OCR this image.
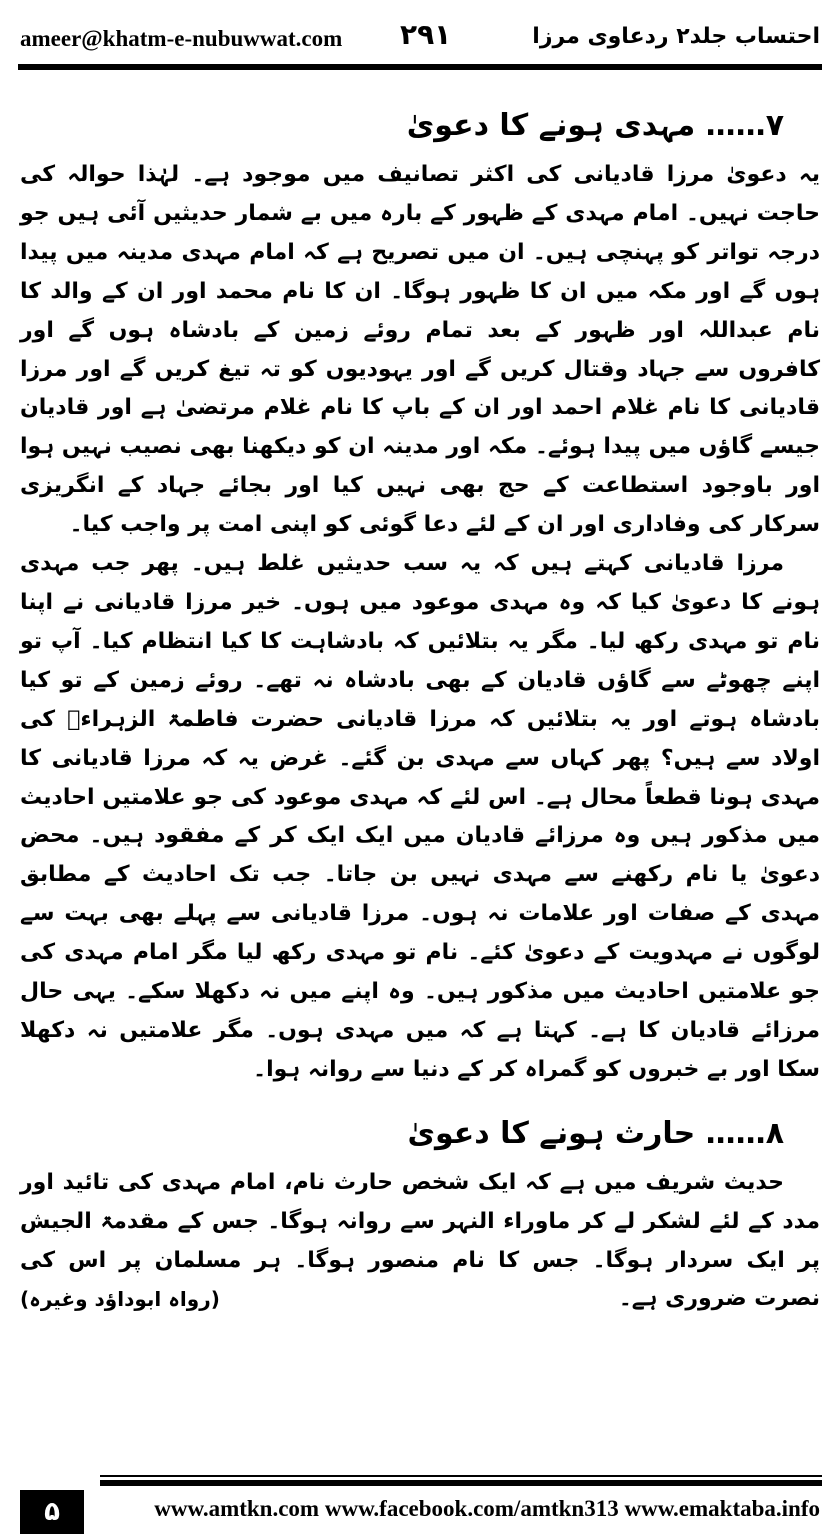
ameer@khatm-e-nubuwwat.com ۲۹۱	احتساب جلد۲ ردعاوی مرزا

۷…… مہدی ہونے کا دعویٰ

یہ دعویٰ مرزا قادیانی کی اکثر تصانیف میں موجود ہے۔ لہٰذا حوالہ کی حاجت نہیں۔ امام مہدی کے ظہور کے بارہ میں بے شمار حدیثیں آئی ہیں جو درجہ تواتر کو پہنچی ہیں۔ ان میں تصریح ہے کہ امام مہدی مدینہ میں پیدا ہوں گے اور مکہ میں ان کا ظہور ہوگا۔ ان کا نام محمد اور ان کے والد کا نام عبداللہ اور ظہور کے بعد تمام روئے زمین کے بادشاہ ہوں گے اور کافروں سے جہاد وقتال کریں گے اور یہودیوں کو تہ تیغ کریں گے اور مرزا قادیانی کا نام غلام احمد اور ان کے باپ کا نام غلام مرتضیٰ ہے اور قادیان جیسے گاؤں میں پیدا ہوئے۔ مکہ اور مدینہ ان کو دیکھنا بھی نصیب نہیں ہوا اور باوجود استطاعت کے حج بھی نہیں کیا اور بجائے جہاد کے انگریزی سرکار کی وفاداری اور ان کے لئے دعا گوئی کو اپنی امت پر واجب کیا۔

مرزا قادیانی کہتے ہیں کہ یہ سب حدیثیں غلط ہیں۔ پھر جب مہدی ہونے کا دعویٰ کیا کہ وہ مہدی موعود میں ہوں۔ خیر مرزا قادیانی نے اپنا نام تو مہدی رکھ لیا۔ مگر یہ بتلائیں کہ بادشاہت کا کیا انتظام کیا۔ آپ تو اپنے چھوٹے سے گاؤں قادیان کے بھی بادشاہ نہ تھے۔ روئے زمین کے تو کیا بادشاہ ہوتے اور یہ بتلائیں کہ مرزا قادیانی حضرت فاطمۃ الزہراءؓ کی اولاد سے ہیں؟ پھر کہاں سے مہدی بن گئے۔ غرض یہ کہ مرزا قادیانی کا مہدی ہونا قطعاً محال ہے۔ اس لئے کہ مہدی موعود کی جو علامتیں احادیث میں مذکور ہیں وہ مرزائے قادیان میں ایک ایک کر کے مفقود ہیں۔ محض دعویٰ یا نام رکھنے سے مہدی نہیں بن جاتا۔ جب تک احادیث کے مطابق مہدی کے صفات اور علامات نہ ہوں۔ مرزا قادیانی سے پہلے بھی بہت سے لوگوں نے مہدویت کے دعویٰ کئے۔ نام تو مہدی رکھ لیا مگر امام مہدی کی جو علامتیں احادیث میں مذکور ہیں۔ وہ اپنے میں نہ دکھلا سکے۔ یہی حال مرزائے قادیان کا ہے۔ کہتا ہے کہ میں مہدی ہوں۔ مگر علامتیں نہ دکھلا سکا اور بے خبروں کو گمراہ کر کے دنیا سے روانہ ہوا۔

۸…… حارث ہونے کا دعویٰ

حدیث شریف میں ہے کہ ایک شخص حارث نام، امام مہدی کی تائید اور مدد کے لئے لشکر لے کر ماوراء النہر سے روانہ ہوگا۔ جس کے مقدمۃ الجیش پر ایک سردار ہوگا۔ جس کا نام منصور ہوگا۔ ہر مسلمان پر اس کی نصرت ضروری ہے۔
(رواہ ابوداؤد وغیرہ)

۵	www.amtkn.com www.facebook.com/amtkn313 www.emaktaba.info
